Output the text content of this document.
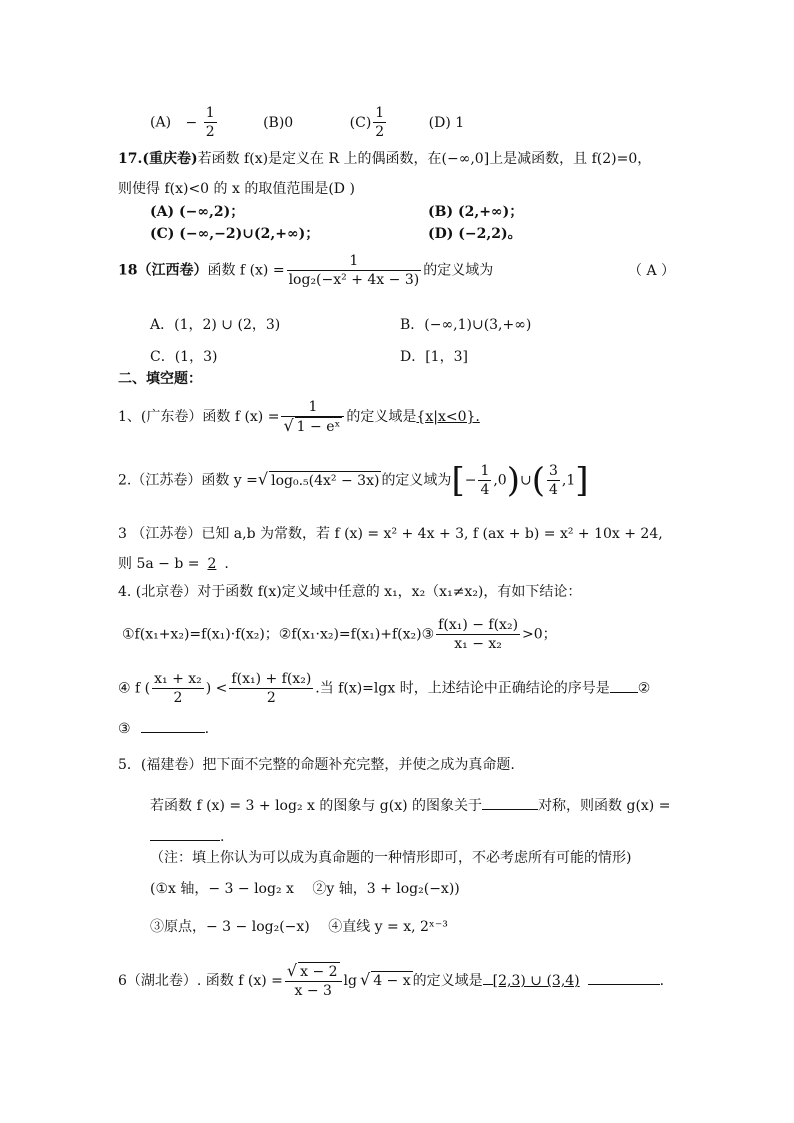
$(A) - \frac{1}{2}$	(B)0	$(C) \frac{1}{2}$	(D) 1
17.(重庆卷)若函数 f(x)是定义在 R 上的偶函数，在(−∞,0]上是减函数，且 f(2)=0，
则使得 f(x)<0 的 x 的取值范围是(D )
(A) (−∞,2)；	(B) (2,+∞)；
(C) (−∞,−2)∪(2,+∞)；	(D) (−2,2)。
18（江西卷）函数 f $(x) = \frac{1}{\text{log₂(−x² + 4x − 3)}}$ 的定义域为	（ A ）
A．(1，2) ∪ (2，3)	B．(−∞,1)∪(3,+∞)
C．(1，3)	D．[1，3]
二、填空题：
1、(广东卷）函数 f $(x) = \frac{1}{\text{√ 1 − eˣ}}$ 的定义域是{x|x<0}.
2.（江苏卷）函数 y =√ log₀.₅(4x² − 3x) 的定义域为[− $\frac{1}{4}$ ,0)∪( $\frac{3}{4} ,1$]
3 （江苏卷）已知 a,b 为常数，若 f (x) = x² + 4x + 3, f (ax + b) = x² + 10x + 24,
则 5a − b = 2 .
4. (北京卷）对于函数 f(x)定义域中任意的 x₁，x₂（x₁≠x₂)，有如下结论：
①f(x₁+x₂)=f(x₁)·f(x₂)；②f(x₁·x₂)=f(x₁)+f(x₂)③ $\frac{\text{f(x₁) − f(x₂)}}{\text{x₁ − x₂}} >0$；
④ f ( $\frac{\text{x₁ + x₂}}{2}$ ) < $\frac{\text{f(x₁) + f(x₂)}}{2}$ .当 f(x)=lgx 时，上述结论中正确结论的序号是 ②
③	.
5．(福建卷）把下面不完整的命题补充完整，并使之成为真命题.
若函数 f (x) = 3 + log₂ x 的图象与 g(x) 的图象关于	对称，则函数 g(x) =
.
（注：填上你认为可以成为真命题的一种情形即可，不必考虑所有可能的情形)
(①x 轴，− 3 − log₂ x　 ②y 轴，3 + log₂(−x))
③原点，− 3 − log₂(−x)　 ④直线 y = x, 2ˣ⁻³
6（湖北卷）. 函数 f $(x) = \frac{√ x - 2}{x - 3}$ lg √ 4 − x 的定义域是 [2,3) ∪ (3,4)	.
